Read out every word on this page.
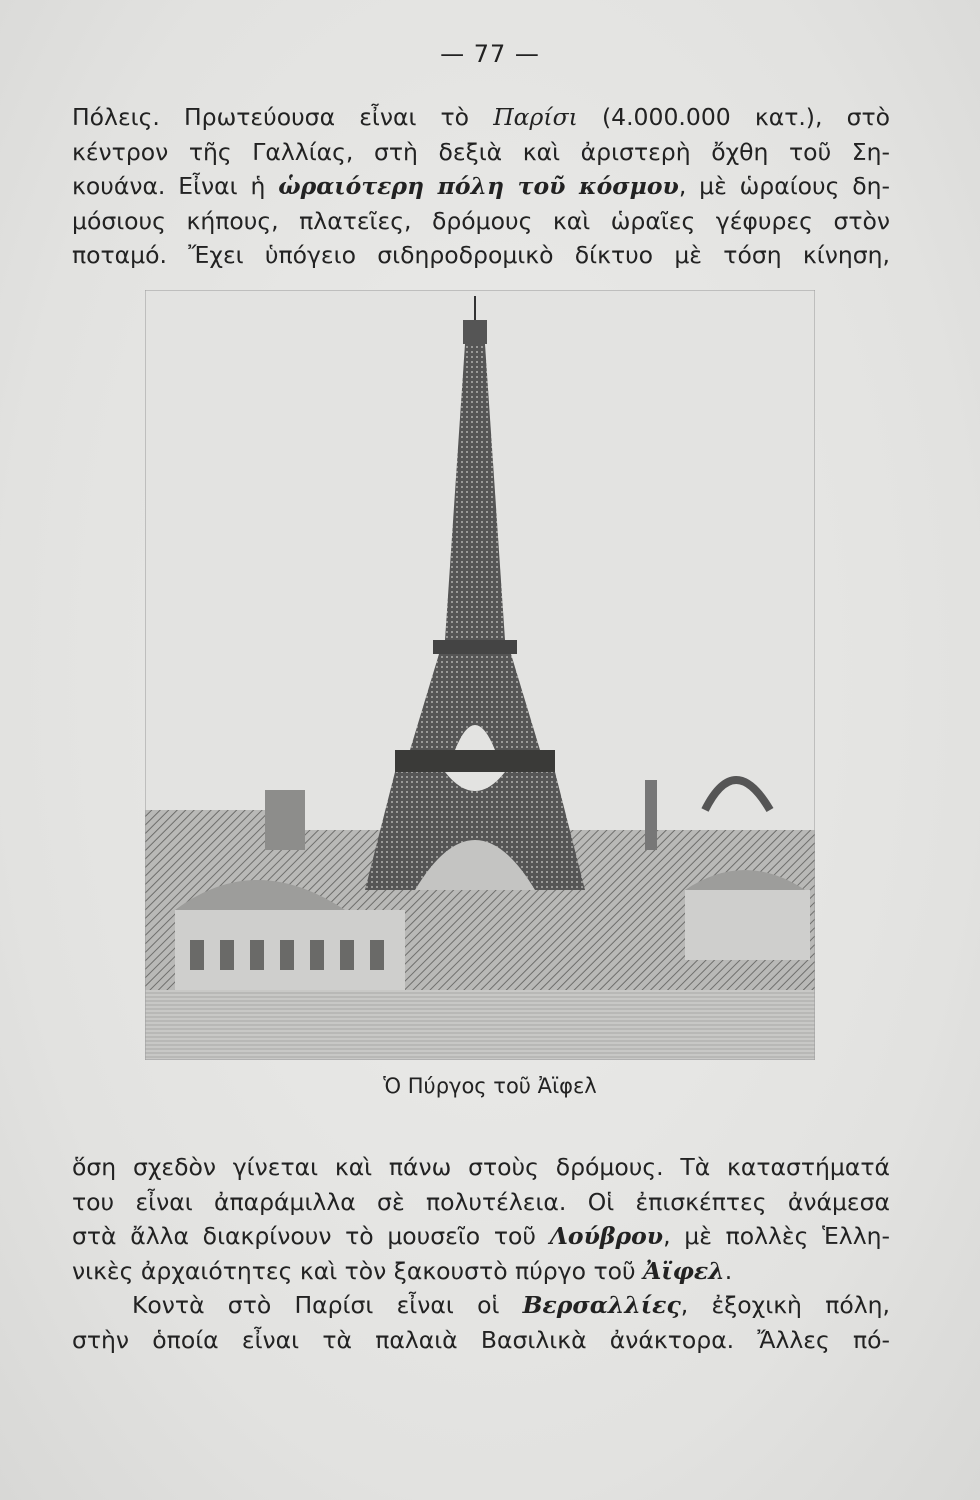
— 77 —
Πόλεις. Πρωτεύουσα εἶναι τὸ Παρίσι (4.000.000 κατ.), στὸ
κέντρον τῆς Γαλλίας, στὴ δεξιὰ καὶ ἀριστερὴ ὄχθη τοῦ Ση-
κουάνα. Εἶναι ἡ ὡραιότερη πόλη τοῦ κόσμου, μὲ ὡραίους δη-
μόσιους κήπους, πλατεῖες, δρόμους καὶ ὡραῖες γέφυρες στὸν
ποταμό. Ἔχει ὑπόγειο σιδηροδρομικὸ δίκτυο μὲ τόση κίνηση,
Ὁ Πύργος τοῦ Ἀϊφελ
ὅση σχεδὸν γίνεται καὶ πάνω στοὺς δρόμους. Τὰ καταστήματά
του εἶναι ἀπαράμιλλα σὲ πολυτέλεια. Οἱ ἐπισκέπτες ἀνάμεσα
στὰ ἄλλα διακρίνουν τὸ μουσεῖο τοῦ Λούβρου, μὲ πολλὲς Ἑλλη-
νικὲς ἀρχαιότητες καὶ τὸν ξακουστὸ πύργο τοῦ Ἀϊφελ.
Κοντὰ στὸ Παρίσι εἶναι οἱ Βερσαλλίες, ἐξοχικὴ πόλη,
στὴν ὁποία εἶναι τὰ παλαιὰ Βασιλικὰ ἀνάκτορα. Ἄλλες πό-
